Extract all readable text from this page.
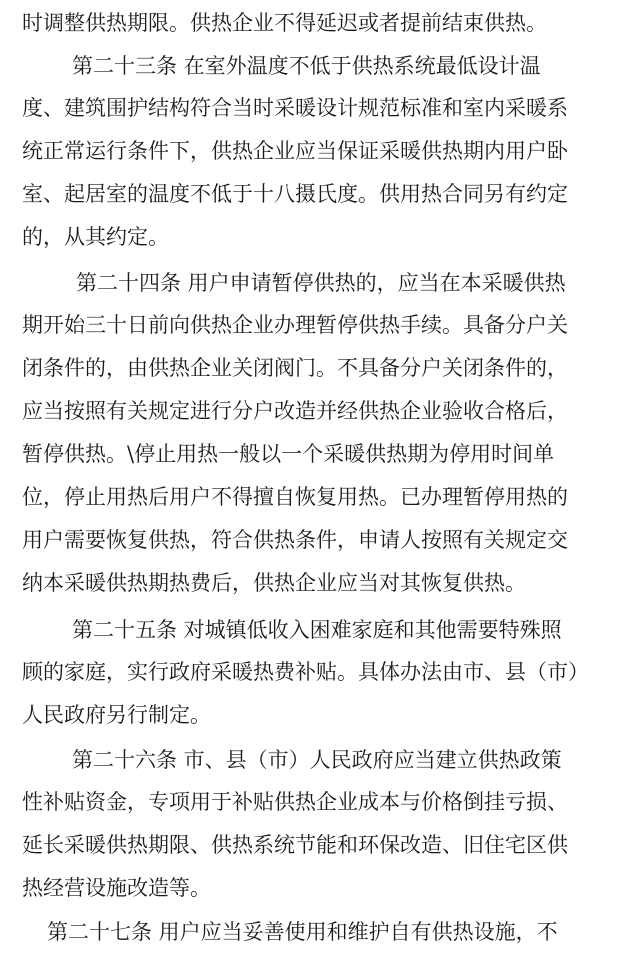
时调整供热期限。供热企业不得延迟或者提前结束供热。
第二十三条 在室外温度不低于供热系统最低设计温
度、建筑围护结构符合当时采暖设计规范标准和室内采暖系
统正常运行条件下，供热企业应当保证采暖供热期内用户卧
室、起居室的温度不低于十八摄氏度。供用热合同另有约定
的，从其约定。
第二十四条 用户申请暂停供热的，应当在本采暖供热
期开始三十日前向供热企业办理暂停供热手续。具备分户关
闭条件的，由供热企业关闭阀门。不具备分户关闭条件的，
应当按照有关规定进行分户改造并经供热企业验收合格后，
暂停供热。\停止用热一般以一个采暖供热期为停用时间单
位，停止用热后用户不得擅自恢复用热。已办理暂停用热的
用户需要恢复供热，符合供热条件，申请人按照有关规定交
纳本采暖供热期热费后，供热企业应当对其恢复供热。
第二十五条 对城镇低收入困难家庭和其他需要特殊照
顾的家庭，实行政府采暖热费补贴。具体办法由市、县（市）
人民政府另行制定。
第二十六条 市、县（市）人民政府应当建立供热政策
性补贴资金，专项用于补贴供热企业成本与价格倒挂亏损、
延长采暖供热期限、供热系统节能和环保改造、旧住宅区供
热经营设施改造等。
第二十七条 用户应当妥善使用和维护自有供热设施，不
